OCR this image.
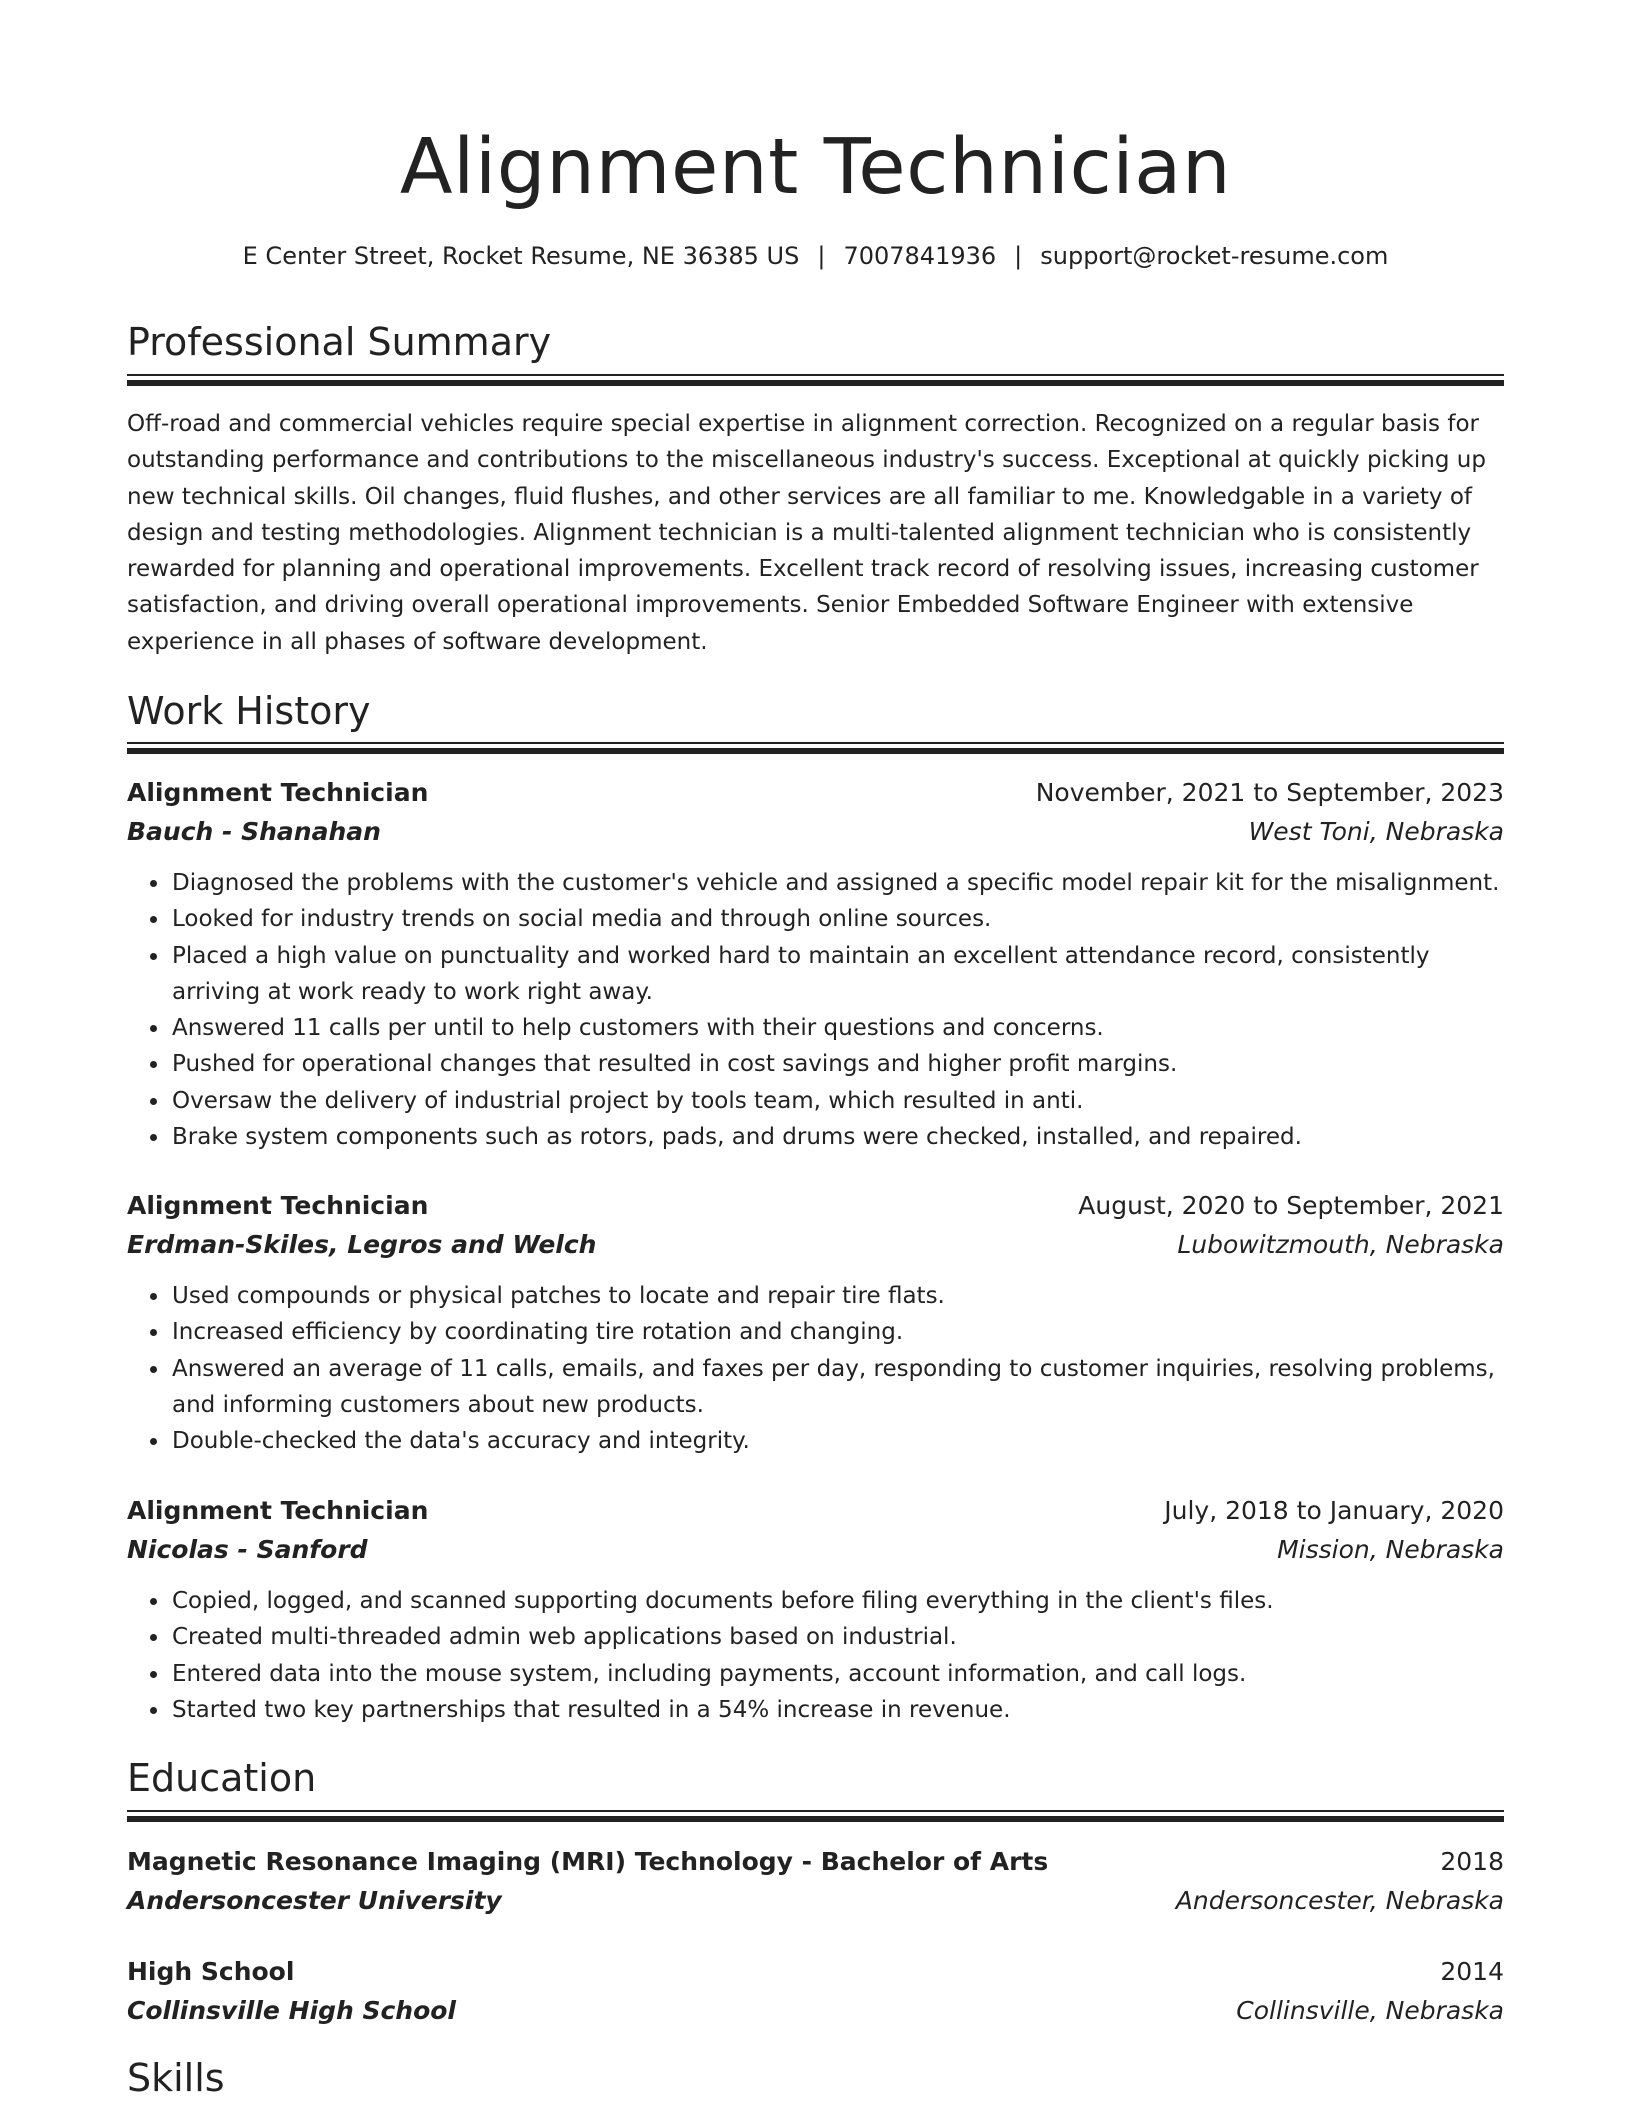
Alignment Technician
E Center Street, Rocket Resume, NE 36385 US | 7007841936 | support@rocket-resume.com
Professional Summary

Off-road and commercial vehicles require special expertise in alignment correction. Recognized on a regular basis for outstanding performance and contributions to the miscellaneous industry's success. Exceptional at quickly picking up new technical skills. Oil changes, fluid flushes, and other services are all familiar to me. Knowledgable in a variety of design and testing methodologies. Alignment technician is a multi-talented alignment technician who is consistently rewarded for planning and operational improvements. Excellent track record of resolving issues, increasing customer satisfaction, and driving overall operational improvements. Senior Embedded Software Engineer with extensive experience in all phases of software development.

Work History
Alignment Technician	November, 2021 to September, 2023
Bauch - Shanahan	West Toni, Nebraska
• Diagnosed the problems with the customer's vehicle and assigned a specific model repair kit for the misalignment.
• Looked for industry trends on social media and through online sources.
• Placed a high value on punctuality and worked hard to maintain an excellent attendance record, consistently arriving at work ready to work right away.
• Answered 11 calls per until to help customers with their questions and concerns.
• Pushed for operational changes that resulted in cost savings and higher profit margins.
• Oversaw the delivery of industrial project by tools team, which resulted in anti.
• Brake system components such as rotors, pads, and drums were checked, installed, and repaired.
Alignment Technician	August, 2020 to September, 2021
Erdman-Skiles, Legros and Welch	Lubowitzmouth, Nebraska
• Used compounds or physical patches to locate and repair tire flats.
• Increased efficiency by coordinating tire rotation and changing.
• Answered an average of 11 calls, emails, and faxes per day, responding to customer inquiries, resolving problems, and informing customers about new products.
• Double-checked the data's accuracy and integrity.
Alignment Technician	July, 2018 to January, 2020
Nicolas - Sanford	Mission, Nebraska
• Copied, logged, and scanned supporting documents before filing everything in the client's files.
• Created multi-threaded admin web applications based on industrial.
• Entered data into the mouse system, including payments, account information, and call logs.
• Started two key partnerships that resulted in a 54% increase in revenue.
Education
Magnetic Resonance Imaging (MRI) Technology - Bachelor of Arts	2018
Andersoncester University	Andersoncester, Nebraska
High School	2014
Collinsville High School	Collinsville, Nebraska
Skills
